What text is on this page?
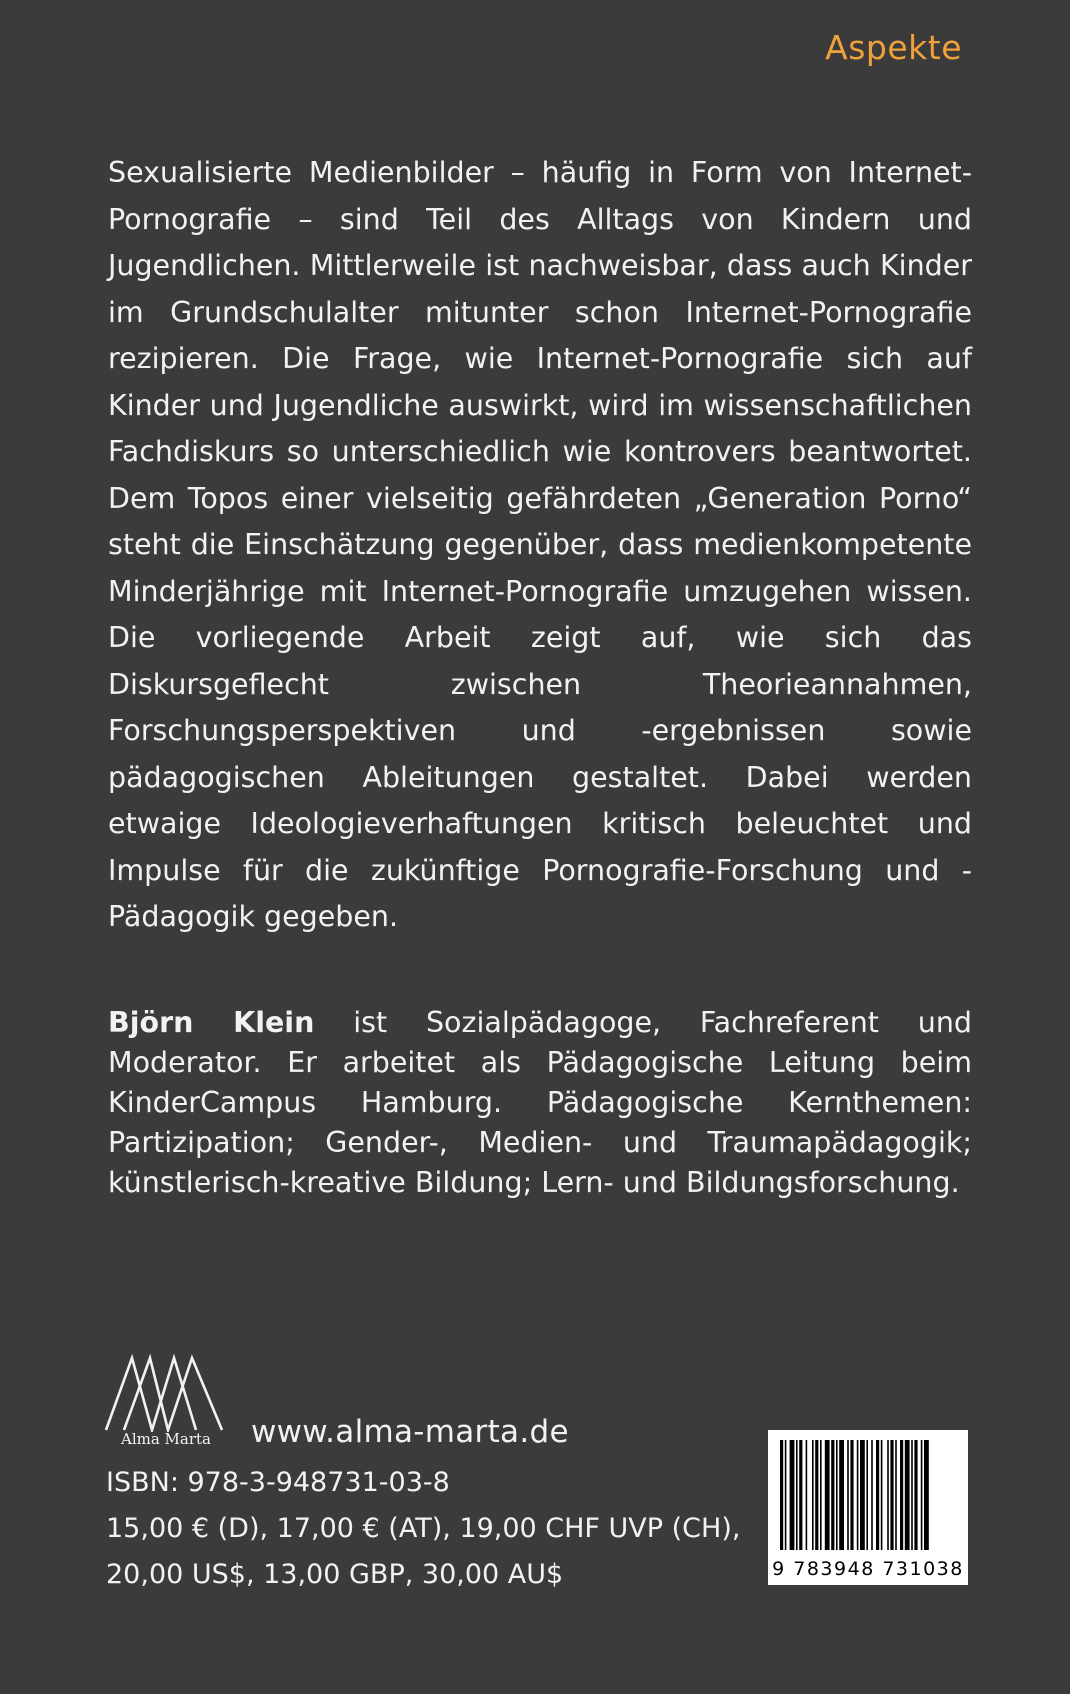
Aspekte

Sexualisierte Medienbilder – häufig in Form von Internet-Pornografie – sind Teil des Alltags von Kindern und Jugendlichen. Mittlerweile ist nachweisbar, dass auch Kinder im Grundschulalter mitunter schon Internet-Pornografie rezipieren. Die Frage, wie Internet-Pornografie sich auf Kinder und Jugendliche auswirkt, wird im wissenschaftlichen Fachdiskurs so unterschiedlich wie kontrovers beantwortet. Dem Topos einer vielseitig gefährdeten „Generation Porno“ steht die Einschätzung gegenüber, dass medienkompetente Minderjährige mit Internet-Pornografie umzugehen wissen. Die vorliegende Arbeit zeigt auf, wie sich das Diskursgeflecht zwischen Theorieannahmen, Forschungsperspektiven und -ergebnissen sowie pädagogischen Ableitungen gestaltet. Dabei werden etwaige Ideologieverhaftungen kritisch beleuchtet und Impulse für die zukünftige Pornografie-Forschung und -Pädagogik gegeben.

Björn Klein ist Sozialpädagoge, Fachreferent und Moderator. Er arbeitet als Pädagogische Leitung beim KinderCampus Hamburg. Pädagogische Kernthemen: Partizipation; Gender-, Medien- und Traumapädagogik; künstlerisch-kreative Bildung; Lern- und Bildungsforschung.

Alma Marta	www.alma-marta.de
ISBN: 978-3-948731-03-8
15,00 € (D), 17,00 € (AT), 19,00 CHF UVP (CH),
20,00 US$, 13,00 GBP, 30,00 AU$	9 783948 731038
